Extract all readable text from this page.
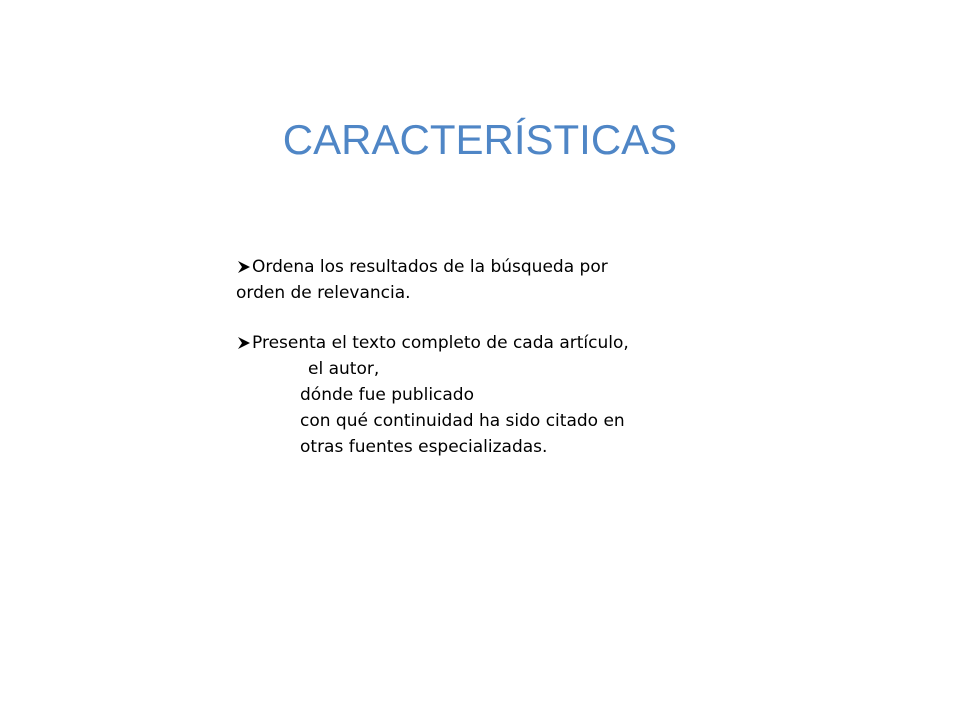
CARACTERÍSTICAS
Ordena los resultados de la búsqueda por
orden de relevancia.
Presenta el texto completo de cada artículo,
el autor,
dónde fue publicado
con qué continuidad ha sido citado en
otras fuentes especializadas.
